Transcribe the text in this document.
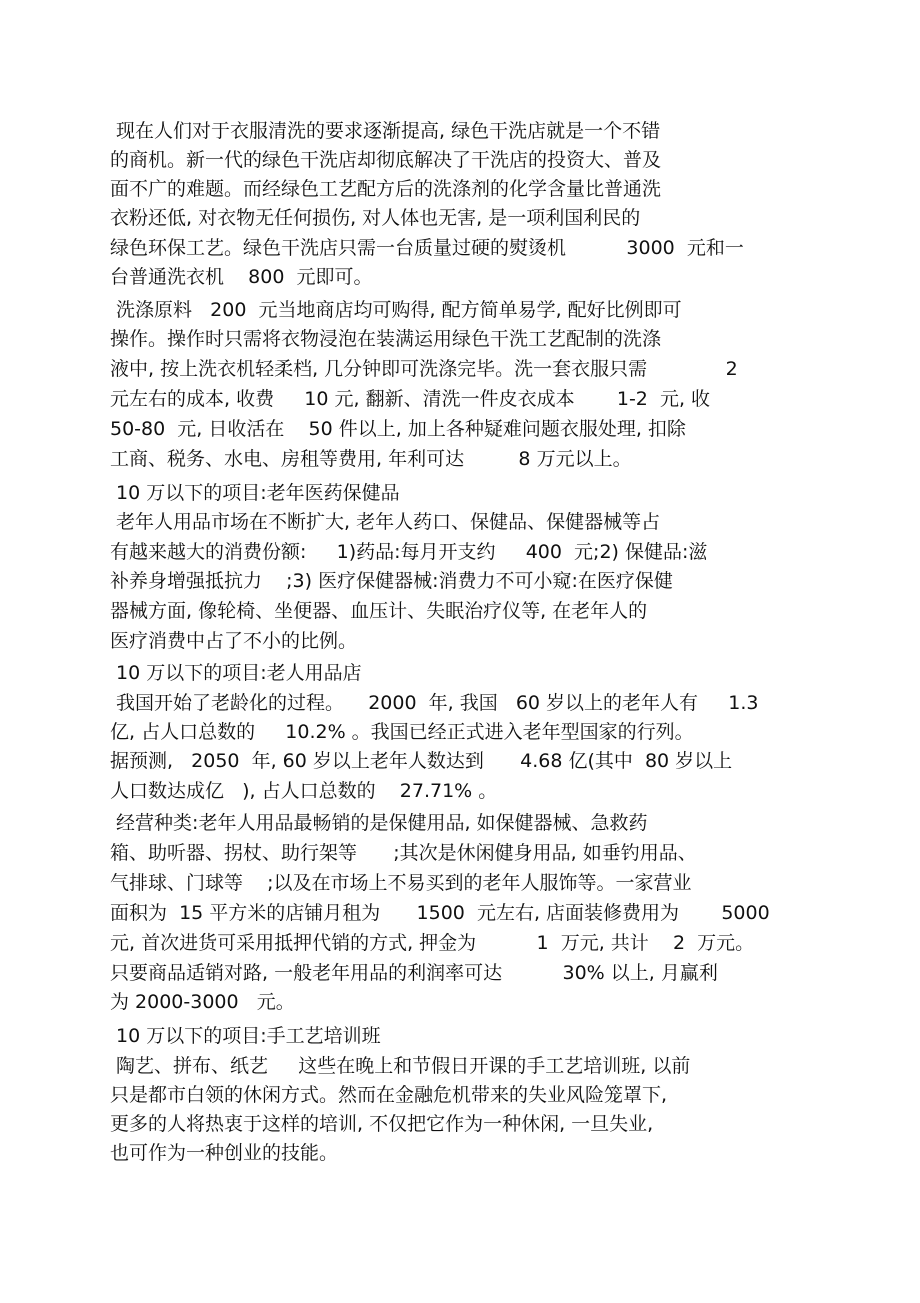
现在人们对于衣服清洗的要求逐渐提高, 绿色干洗店就是一个不错
的商机。新一代的绿色干洗店却彻底解决了干洗店的投资大、普及
面不广的难题。而经绿色工艺配方后的洗涤剂的化学含量比普通洗
衣粉还低, 对衣物无任何损伤, 对人体也无害, 是一项利国利民的
绿色环保工艺。绿色干洗店只需一台质量过硬的熨烫机          3000  元和一
台普通洗衣机    800  元即可。
洗涤原料   200  元当地商店均可购得, 配方简单易学, 配好比例即可
操作。操作时只需将衣物浸泡在装满运用绿色干洗工艺配制的洗涤
液中, 按上洗衣机轻柔档, 几分钟即可洗涤完毕。洗一套衣服只需             2
元左右的成本, 收费     10 元, 翻新、清洗一件皮衣成本       1-2  元, 收
50-80  元, 日收活在    50 件以上, 加上各种疑难问题衣服处理, 扣除
工商、税务、水电、房租等费用, 年利可达         8 万元以上。
10 万以下的项目:老年医药保健品
老年人用品市场在不断扩大, 老年人药口、保健品、保健器械等占
有越来越大的消费份额:     1)药品:每月开支约     400  元;2) 保健品:滋
补养身增强抵抗力    ;3) 医疗保健器械:消费力不可小窥:在医疗保健
器械方面, 像轮椅、坐便器、血压计、失眠治疗仪等, 在老年人的
医疗消费中占了不小的比例。
10 万以下的项目:老人用品店
我国开始了老龄化的过程。    2000  年, 我国   60 岁以上的老年人有     1.3
亿, 占人口总数的     10.2% 。我国已经正式进入老年型国家的行列。
据预测,   2050  年, 60 岁以上老年人数达到      4.68 亿(其中  80 岁以上
人口数达成亿   ), 占人口总数的    27.71% 。
经营种类:老年人用品最畅销的是保健用品, 如保健器械、急救药
箱、助听器、拐杖、助行架等      ;其次是休闲健身用品, 如垂钓用品、
气排球、门球等    ;以及在市场上不易买到的老年人服饰等。一家营业
面积为  15 平方米的店铺月租为      1500  元左右, 店面装修费用为       5000
元, 首次进货可采用抵押代销的方式, 押金为          1  万元, 共计    2  万元。
只要商品适销对路, 一般老年用品的利润率可达          30% 以上, 月赢利
为 2000-3000   元。
10 万以下的项目:手工艺培训班
陶艺、拼布、纸艺     这些在晚上和节假日开课的手工艺培训班, 以前
只是都市白领的休闲方式。然而在金融危机带来的失业风险笼罩下,
更多的人将热衷于这样的培训, 不仅把它作为一种休闲, 一旦失业,
也可作为一种创业的技能。
